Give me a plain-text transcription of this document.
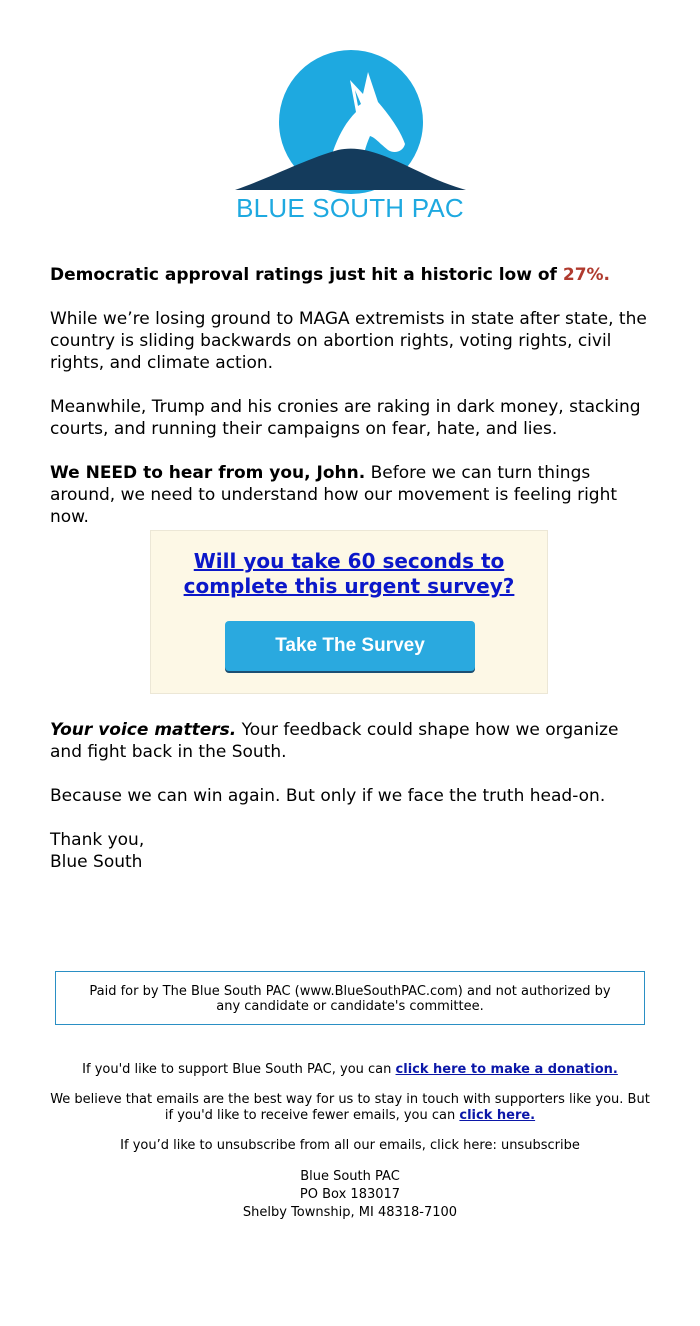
BLUE SOUTH PAC

Democratic approval ratings just hit a historic low of 27%.

While we’re losing ground to MAGA extremists in state after state, the country is sliding backwards on abortion rights, voting rights, civil rights, and climate action.

Meanwhile, Trump and his cronies are raking in dark money, stacking courts, and running their campaigns on fear, hate, and lies.

We NEED to hear from you, John. Before we can turn things around, we need to understand how our movement is feeling right now.

Will you take 60 seconds to complete this urgent survey?
Take The Survey

Your voice matters. Your feedback could shape how we organize and fight back in the South.

Because we can win again. But only if we face the truth head-on.

Thank you,
Blue South

Paid for by The Blue South PAC (www.BlueSouthPAC.com) and not authorized by any candidate or candidate's committee.

If you'd like to support Blue South PAC, you can click here to make a donation.

We believe that emails are the best way for us to stay in touch with supporters like you. But if you'd like to receive fewer emails, you can click here.

If you’d like to unsubscribe from all our emails, click here: unsubscribe

Blue South PAC
PO Box 183017
Shelby Township, MI 48318-7100
